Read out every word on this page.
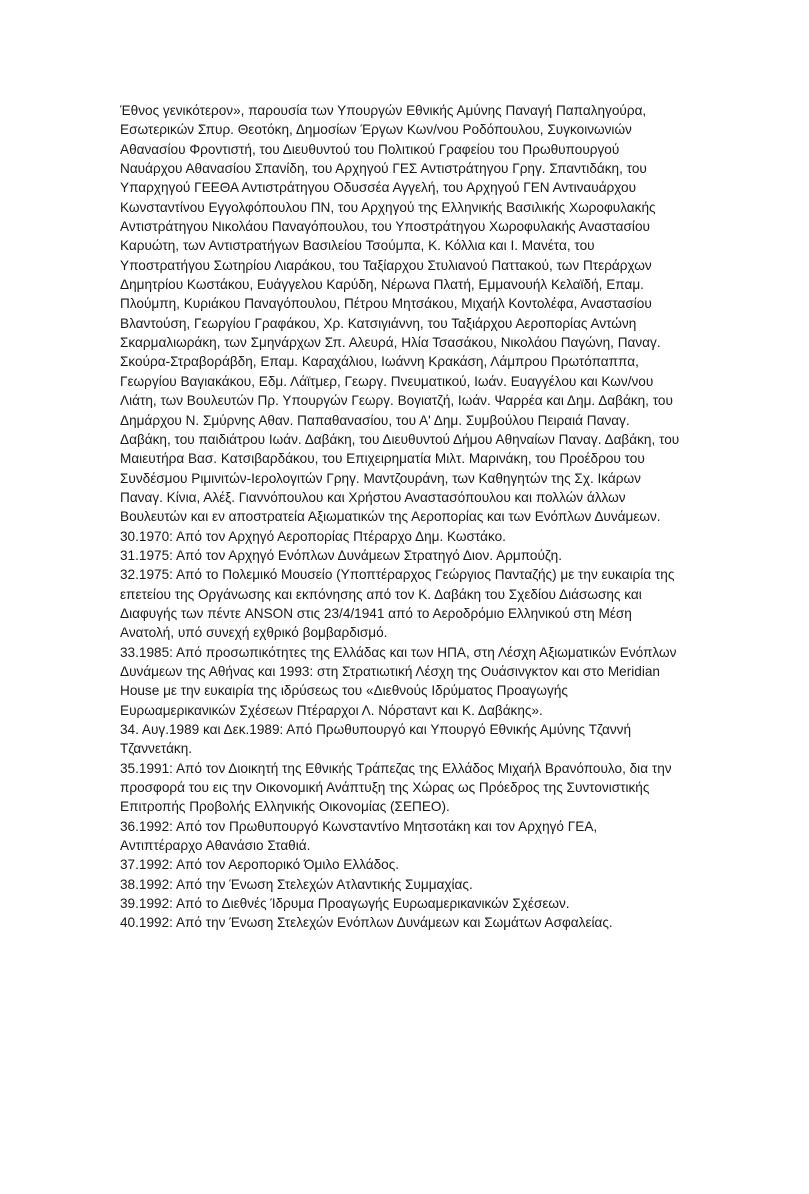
Έθνος γενικότερον», παρουσία των Υπουργών Εθνικής Αμύνης Παναγή Παπαληγούρα, Εσωτερικών Σπυρ. Θεοτόκη, Δημοσίων Έργων Κων/νου Ροδόπουλου, Συγκοινωνιών Αθανασίου Φροντιστή, του Διευθυντού του Πολιτικού Γραφείου του Πρωθυπουργού Ναυάρχου Αθανασίου Σπανίδη, του Αρχηγού ΓΕΣ Αντιστράτηγου Γρηγ. Σπαντιδάκη, του Υπαρχηγού ΓΕΕΘΑ Αντιστράτηγου Οδυσσέα Αγγελή, του Αρχηγού ΓΕΝ Αντιναυάρχου Κωνσταντίνου Εγγολφόπουλου ΠΝ, του Αρχηγού της Ελληνικής Βασιλικής Χωροφυλακής Αντιστράτηγου Νικολάου Παναγόπουλου, του Υποστράτηγου Χωροφυλακής Αναστασίου Καρυώτη, των Αντιστρατήγων Βασιλείου Τσούμπα, Κ. Κόλλια και Ι. Μανέτα, του Υποστρατήγου Σωτηρίου Λιαράκου, του Ταξίαρχου Στυλιανού Παττακού, των Πτεράρχων Δημητρίου Κωστάκου, Ευάγγελου Καρύδη, Νέρωνα Πλατή, Εμμανουήλ Κελαϊδή, Επαμ. Πλούμπη, Κυριάκου Παναγόπουλου, Πέτρου Μητσάκου, Μιχαήλ Κοντολέφα, Αναστασίου Βλαντούση, Γεωργίου Γραφάκου, Χρ. Κατσιγιάννη, του Ταξιάρχου Αεροπορίας Αντώνη Σκαρμαλιωράκη, των Σμηνάρχων Σπ. Αλευρά, Ηλία Τσασάκου, Νικολάου Παγώνη, Παναγ. Σκούρα-Στραβοράβδη, Επαμ. Καραχάλιου, Ιωάννη Κρακάση, Λάμπρου Πρωτόπαππα, Γεωργίου Βαγιακάκου, Εδμ. Λάϊτμερ, Γεωργ. Πνευματικού, Ιωάν. Ευαγγέλου και Κων/νου Λιάτη, των Βουλευτών Πρ. Υπουργών Γεωργ. Βογιατζή, Ιωάν. Ψαρρέα και Δημ. Δαβάκη, του Δημάρχου Ν. Σμύρνης Αθαν. Παπαθανασίου, του Α' Δημ. Συμβούλου Πειραιά Παναγ. Δαβάκη, του παιδιάτρου Ιωάν. Δαβάκη, του Διευθυντού Δήμου Αθηναίων Παναγ. Δαβάκη, του Μαιευτήρα Βασ. Κατσιβαρδάκου, του Επιχειρηματία Μιλτ. Μαρινάκη, του Προέδρου του Συνδέσμου Ριμινιτών-Ιερολογιτών Γρηγ. Μαντζουράνη, των Καθηγητών της Σχ. Ικάρων Παναγ. Κίνια, Αλέξ. Γιαννόπουλου και Χρήστου Αναστασόπουλου και πολλών άλλων Βουλευτών και εν αποστρατεία Αξιωματικών της Αεροπορίας και των Ενόπλων Δυνάμεων.

30.1970: Από τον Αρχηγό Αεροπορίας Πτέραρχο Δημ. Κωστάκο.

31.1975: Από τον Αρχηγό Ενόπλων Δυνάμεων Στρατηγό Διον. Αρμπούζη.

32.1975: Από το Πολεμικό Μουσείο (Υποπτέραρχος Γεώργιος Πανταζής) με την ευκαιρία της επετείου της Οργάνωσης και εκπόνησης από τον Κ. Δαβάκη του Σχεδίου Διάσωσης και Διαφυγής των πέντε ANSON στις 23/4/1941 από το Αεροδρόμιο Ελληνικού στη Μέση Ανατολή, υπό συνεχή εχθρικό βομβαρδισμό.

33.1985: Από προσωπικότητες της Ελλάδας και των ΗΠΑ, στη Λέσχη Αξιωματικών Ενόπλων Δυνάμεων της Αθήνας και 1993: στη Στρατιωτική Λέσχη της Ουάσινγκτον και στο Meridian House με την ευκαιρία της ιδρύσεως του «Διεθνούς Ιδρύματος Προαγωγής Ευρωαμερικανικών Σχέσεων Πτέραρχοι Λ. Νόρσταντ και Κ. Δαβάκης».

34. Αυγ.1989 και Δεκ.1989: Από Πρωθυπουργό και Υπουργό Εθνικής Αμύνης Τζαννή Τζαννετάκη.

35.1991: Από τον Διοικητή της Εθνικής Τράπεζας της Ελλάδος Μιχαήλ Βρανόπουλο, δια την προσφορά του εις την Οικονομική Ανάπτυξη της Χώρας ως Πρόεδρος της Συντονιστικής Επιτροπής Προβολής Ελληνικής Οικονομίας (ΣΕΠΕΟ).

36.1992: Από τον Πρωθυπουργό Κωνσταντίνο Μητσοτάκη και τον Αρχηγό ΓΕΑ, Αντιπτέραρχο Αθανάσιο Σταθιά.

37.1992: Από τον Αεροπορικό Όμιλο Ελλάδος.

38.1992: Από την Ένωση Στελεχών Ατλαντικής Συμμαχίας.

39.1992: Από το Διεθνές Ίδρυμα Προαγωγής Ευρωαμερικανικών Σχέσεων.

40.1992: Από την Ένωση Στελεχών Ενόπλων Δυνάμεων και Σωμάτων Ασφαλείας.
